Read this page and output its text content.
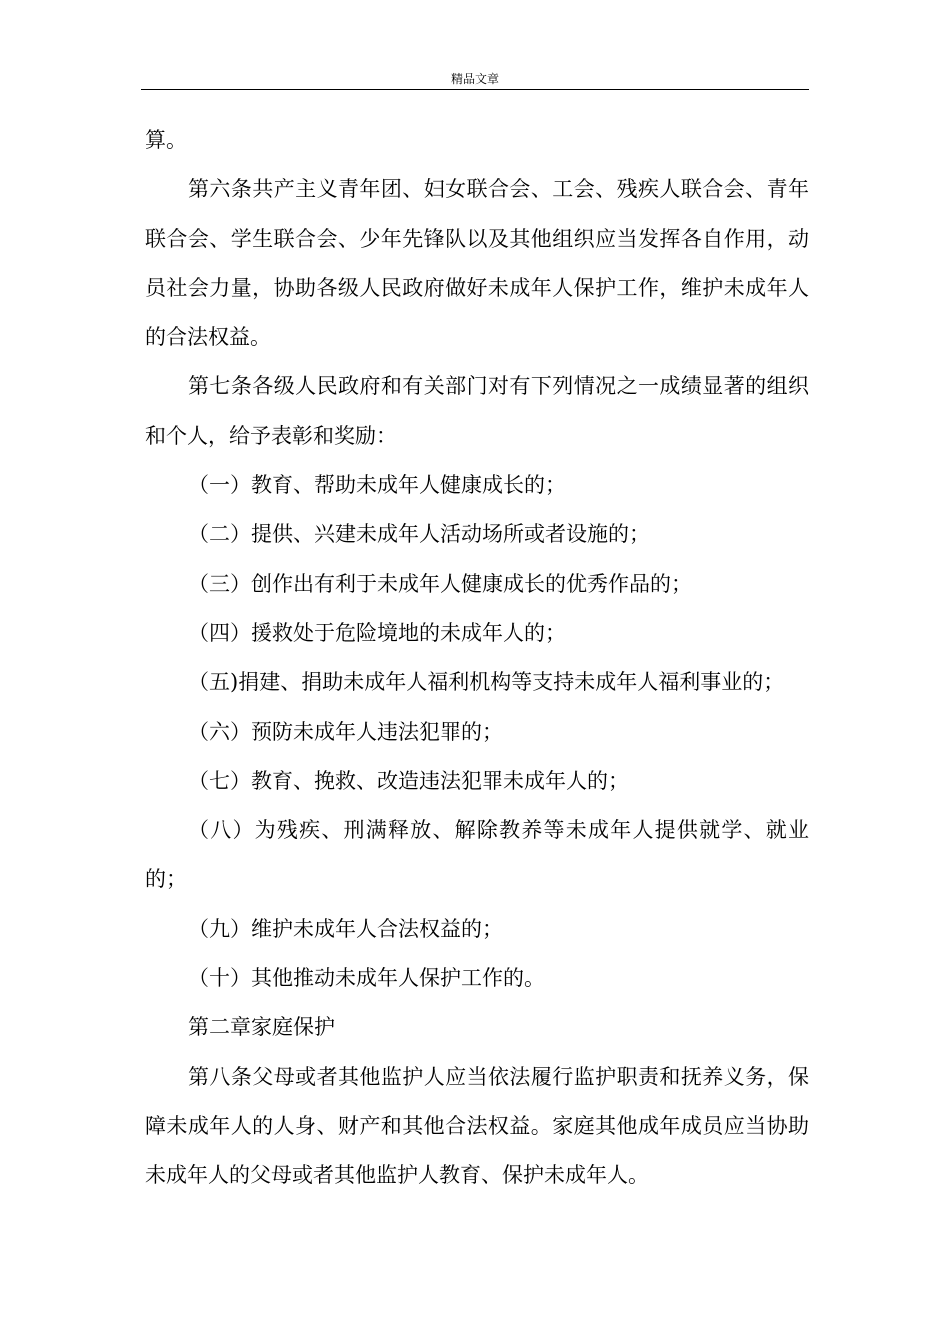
精品文章

算。

第六条共产主义青年团、妇女联合会、工会、残疾人联合会、青年联合会、学生联合会、少年先锋队以及其他组织应当发挥各自作用，动员社会力量，协助各级人民政府做好未成年人保护工作，维护未成年人的合法权益。

第七条各级人民政府和有关部门对有下列情况之一成绩显著的组织和个人，给予表彰和奖励：

（一）教育、帮助未成年人健康成长的；

（二）提供、兴建未成年人活动场所或者设施的；

（三）创作出有利于未成年人健康成长的优秀作品的；

（四）援救处于危险境地的未成年人的；

（五)捐建、捐助未成年人福利机构等支持未成年人福利事业的；

（六）预防未成年人违法犯罪的；

（七）教育、挽救、改造违法犯罪未成年人的；

（八）为残疾、刑满释放、解除教养等未成年人提供就学、就业的；

（九）维护未成年人合法权益的；

（十）其他推动未成年人保护工作的。

第二章家庭保护

第八条父母或者其他监护人应当依法履行监护职责和抚养义务，保障未成年人的人身、财产和其他合法权益。家庭其他成年成员应当协助未成年人的父母或者其他监护人教育、保护未成年人。
